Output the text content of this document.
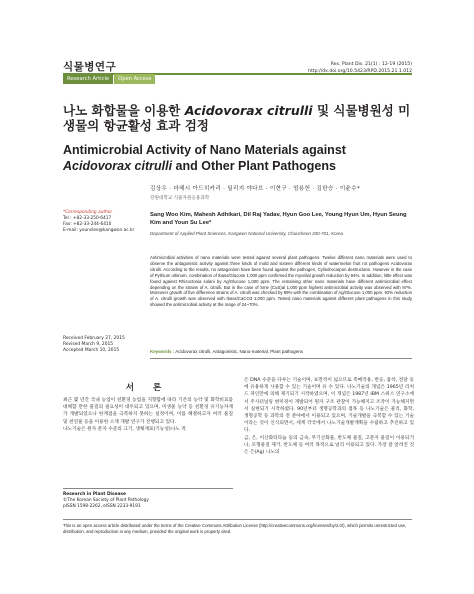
식물병연구
Research Article	Open Access
Res. Plant Dis. 21(1) : 12-19 (2015)
http://dx.doi.org/10.5423/RPD.2015.21.1.012
나노 화합물을 이용한 Acidovorax citrulli 및 식물병원성 미생물의 항균활성 효과 검정
Antimicrobial Activity of Nano Materials against Acidovorax citrulli and Other Plant Pathogens
김상우 · 마헤시 아드히카리 · 딜리지 야다브 · 이현구 · 엄용헌 · 김한승 · 이윤수*
강원대학교 식물자원응용과학
Sang Woo Kim, Mahesh Adhikari, Dil Raj Yadav, Hyun Goo Lee, Young Hyun Um, Hyun Seung Kim and Youn Su Lee*
Department of Applied Plant Sciences, Kangwon National University, Chuncheon 200-701, Korea
*Corresponding author
Tel : +82-33-250-6417
Fax: +82-33-244-6410
E-mail: younslee@kangwon.ac.kr
Antimicrobial activities of nano materials were tested against several plant pathogens. Twelve different nano materials were used to observe the antagonistic activity against three kinds of mold and sixteen different kinds of watermelon fruit rot pathogens Acidovorax citrulli. According to the results, no antagonism have been found against the pathogen, Cylindrocarpon destructans. However in the case of Pythium ultimum, combination of Ibass/Glucose 1,000 ppm confirmed the mycelial growth reduction by 94%. In addition, little effect was found against Rhizoctonia solani by Ag/Glucose 1,000 ppm. The remaining other nano materials have different antimicrobial effect depending on the strains of A. citrulli. But in the case of Sme (CuS)al 1,000 ppm highest antimicrobial activity was observed with 97%. Moreover growth of five difference strains of A. citrulli was checked by 99% with the combination of Ag/Glucose 1,000 ppm. 92% reduction of A. citrulli growth was observed with Ibass/CaCO3 1,000 ppm. Tested nano materials against different plant pathogens in this study showed the antimicrobial activity at the range of 24~70%.
Keywords : Acidovorax citrulli, Antagonistic, Nano-material, Plant pathogens
Received February 27, 2015
Revised March 9, 2015
Accepted March 10, 2015
서 론
최근 몇 년간 국내 농업이 친환경 농업을 지향함에 따라 기존의 농약 및 화학비료를 대체할 만한 물질의 필요성이 대두되고 있으며, 미생물 농약 등 친환경 유기농자재가 개발되었으나 한계점을 극복하지 못하는 실정이며, 이를 해결하고자 여러 물질 및 천연물 등을 이용한 소재 개발 연구가 진행되고 있다.
나노기술은 원자 분자 수준의 크기, 생체재료(기능성)나노 적
은 DNA 수준을 다루는 기술이며, 표면적이 넓으므로 촉매작용, 반응, 흡착, 전달 등에 유용하게 사용할 수 있는 기술이며 유 수 있다. 나노기술의 개념은 1965년 리처드 파인만에 의해 제기되기 시작하였으며, 이 개념은 1987년 IBM 스위스 연구소에서 주사터널링 현미경이 개발되어 원자 구조 관찰이 가능해지고 조작이 가능해지면서 실현되기 시작하였다. 90년부터 생명공학과의 접목 등 나노기술은 물리, 화학, 생명공학 등 과학의 전 분야에서 이용되고 있으며, 기술개발을 극복할 수 있는 기술이라는 것이 인식되면서, 세계 각국에서 나노기술개발계획을 수립하고 추진하고 있다.
금, 은, 이산화티타늄 등의 금속, 무기산화물, 반도체 물질, 고분자 물질이 이용되거나, 모형물질 제거, 반도체 등 여러 목적으로 널리 이용되고 있다. 가장 잘 알려진 것은 은(Ag) 나노의
Research in Plant Disease
©The Korean Society of Plant Pathology
pISSN 1598-2262, eISSN 2233-9191
This is an open access article distributed under the terms of the Creative Commons Attribution License (http://creativecommons.org/licenses/by/2.0/), which permits unrestricted use, distribution, and reproduction in any medium, provided the original work is properly cited.
